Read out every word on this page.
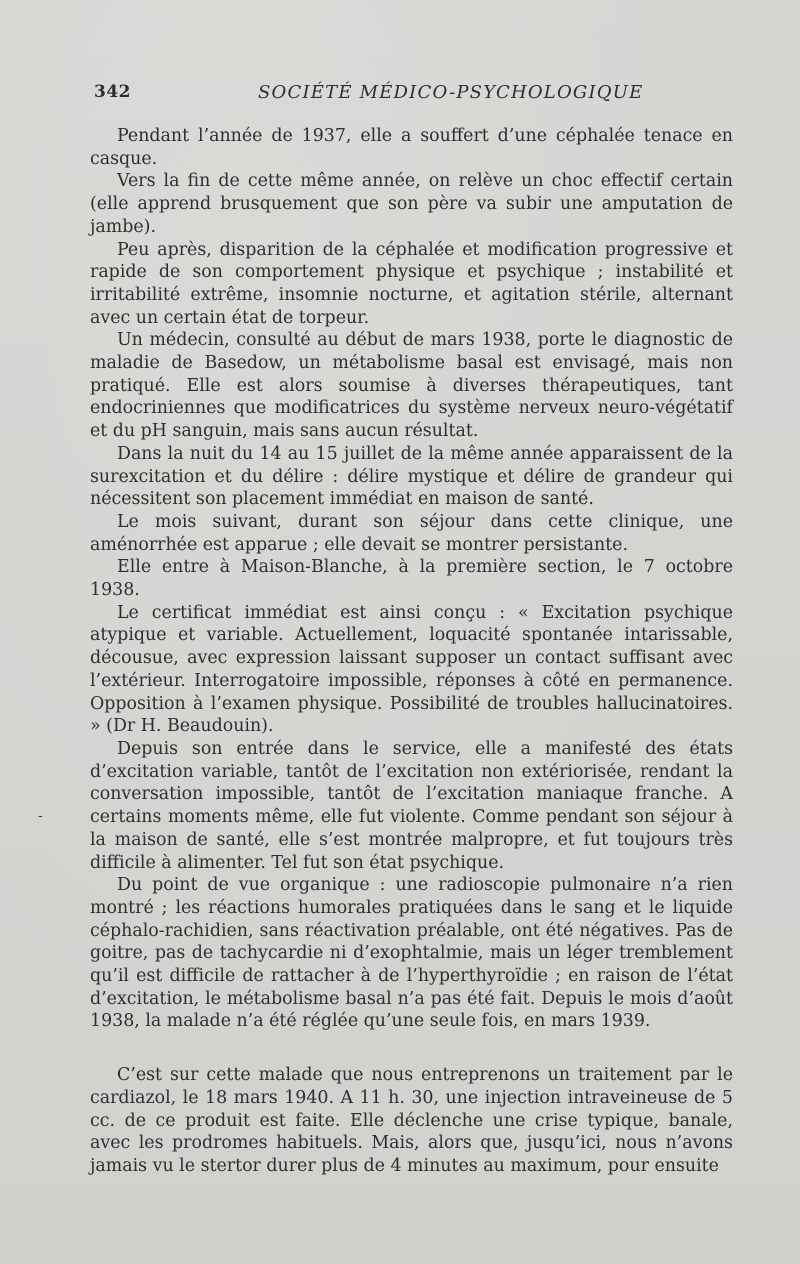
342	SOCIÉTÉ MÉDICO-PSYCHOLOGIQUE

Pendant l’année de 1937, elle a souffert d’une céphalée tenace en casque.

Vers la fin de cette même année, on relève un choc effectif certain (elle apprend brusquement que son père va subir une amputation de jambe).

Peu après, disparition de la céphalée et modification progressive et rapide de son comportement physique et psychique ; instabilité et irritabilité extrême, insomnie nocturne, et agitation stérile, alternant avec un certain état de torpeur.

Un médecin, consulté au début de mars 1938, porte le diagnostic de maladie de Basedow, un métabolisme basal est envisagé, mais non pratiqué. Elle est alors soumise à diverses thérapeutiques, tant endocriniennes que modificatrices du système nerveux neuro-végétatif et du pH sanguin, mais sans aucun résultat.

Dans la nuit du 14 au 15 juillet de la même année apparaissent de la surexcitation et du délire : délire mystique et délire de grandeur qui nécessitent son placement immédiat en maison de santé.

Le mois suivant, durant son séjour dans cette clinique, une aménorrhée est apparue ; elle devait se montrer persistante.

Elle entre à Maison-Blanche, à la première section, le 7 octobre 1938.

Le certificat immédiat est ainsi conçu : « Excitation psychique atypique et variable. Actuellement, loquacité spontanée intarissable, décousue, avec expression laissant supposer un contact suffisant avec l’extérieur. Interrogatoire impossible, réponses à côté en permanence. Opposition à l’examen physique. Possibilité de troubles hallucinatoires. » (Dr H. Beaudouin).

Depuis son entrée dans le service, elle a manifesté des états d’excitation variable, tantôt de l’excitation non extériorisée, rendant la conversation impossible, tantôt de l’excitation maniaque franche. A certains moments même, elle fut violente. Comme pendant son séjour à la maison de santé, elle s’est montrée malpropre, et fut toujours très difficile à alimenter. Tel fut son état psychique.

Du point de vue organique : une radioscopie pulmonaire n’a rien montré ; les réactions humorales pratiquées dans le sang et le liquide céphalo-rachidien, sans réactivation préalable, ont été négatives. Pas de goitre, pas de tachycardie ni d’exophtalmie, mais un léger tremblement qu’il est difficile de rattacher à de l’hyperthyroïdie ; en raison de l’état d’excitation, le métabolisme basal n’a pas été fait. Depuis le mois d’août 1938, la malade n’a été réglée qu’une seule fois, en mars 1939.

C’est sur cette malade que nous entreprenons un traitement par le cardiazol, le 18 mars 1940. A 11 h. 30, une injection intraveineuse de 5 cc. de ce produit est faite. Elle déclenche une crise typique, banale, avec les prodromes habituels. Mais, alors que, jusqu’ici, nous n’avons jamais vu le stertor durer plus de 4 minutes au maximum, pour ensuite

-
